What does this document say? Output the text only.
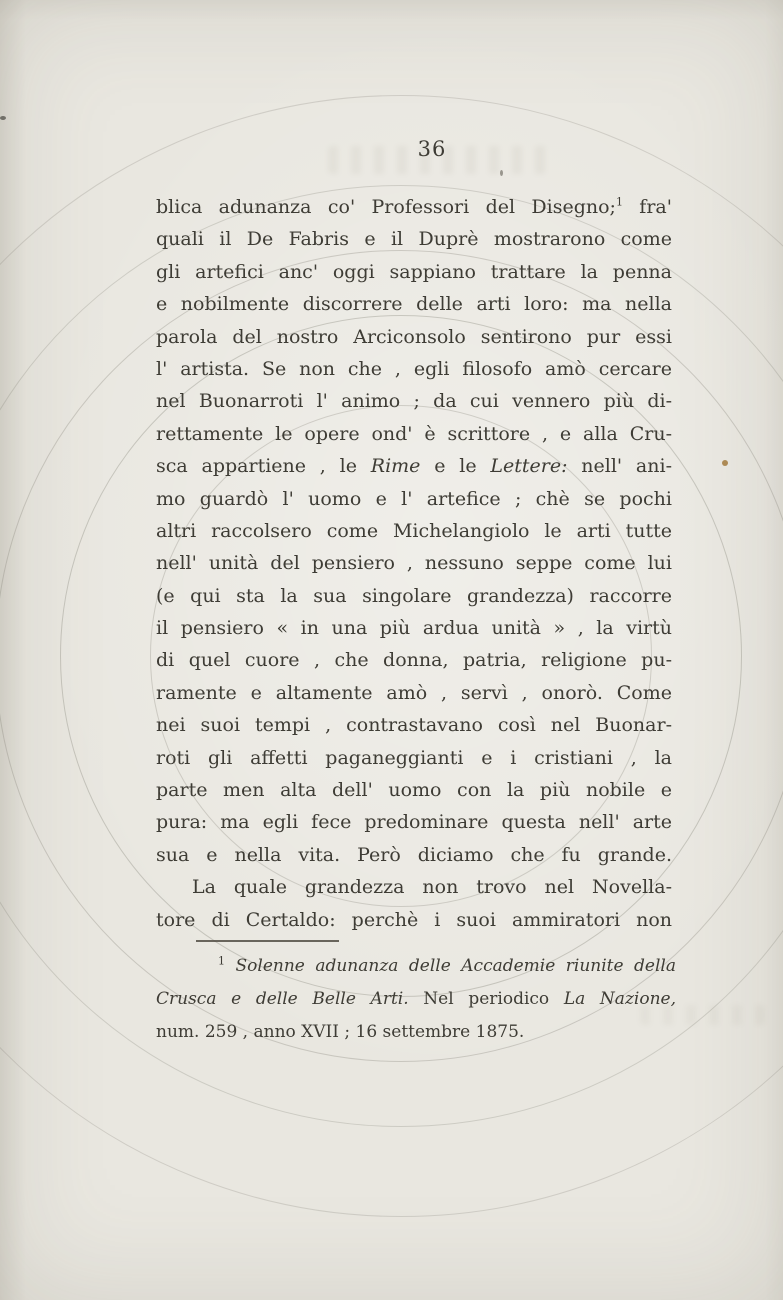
36
blica adunanza co' Professori del Disegno;$^1$ fra'
quali il De Fabris e il Duprè mostrarono come
gli artefici anc' oggi sappiano trattare la penna
e nobilmente discorrere delle arti loro: ma nella
parola del nostro Arciconsolo sentirono pur essi
l' artista. Se non che , egli filosofo amò cercare
nel Buonarroti l' animo ; da cui vennero più di-
rettamente le opere ond' è scrittore , e alla Cru-
sca appartiene , le Rime e le Lettere: nell' ani-
mo guardò l' uomo e l' artefice ; chè se pochi
altri raccolsero come Michelangiolo le arti tutte
nell' unità del pensiero , nessuno seppe come lui
(e qui sta la sua singolare grandezza) raccorre
il pensiero « in una più ardua unità » , la virtù
di quel cuore , che donna, patria, religione pu-
ramente e altamente amò , servì , onorò. Come
nei suoi tempi , contrastavano così nel Buonar-
roti gli affetti paganeggianti e i cristiani , la
parte men alta dell' uomo con la più nobile e
pura: ma egli fece predominare questa nell' arte
sua e nella vita. Però diciamo che fu grande.
La quale grandezza non trovo nel Novella-
tore di Certaldo: perchè i suoi ammiratori non
$^1$ Solenne adunanza delle Accademie riunite della
Crusca e delle Belle Arti. Nel periodico La Nazione,
num. 259 , anno XVII ; 16 settembre 1875.
